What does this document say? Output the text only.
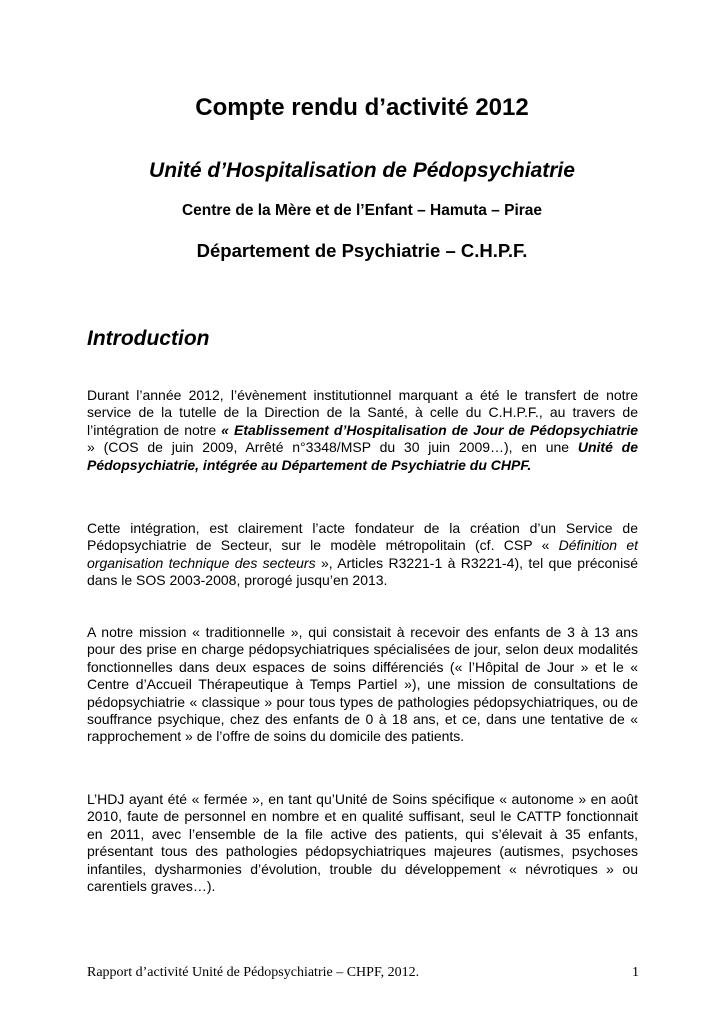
Compte rendu d’activité 2012
Unité d’Hospitalisation de Pédopsychiatrie

Centre de la Mère et de l’Enfant – Hamuta – Pirae

Département de Psychiatrie – C.H.P.F.

Introduction

Durant l’année 2012, l’évènement institutionnel marquant a été le transfert de notre service de la tutelle de la Direction de la Santé, à celle du C.H.P.F., au travers de l’intégration de notre « Etablissement d’Hospitalisation de Jour de Pédopsychiatrie » (COS de juin 2009, Arrêté n°3348/MSP du 30 juin 2009…), en une Unité de Pédopsychiatrie, intégrée au Département de Psychiatrie du CHPF.

Cette intégration, est clairement l’acte fondateur de la création d’un Service de Pédopsychiatrie de Secteur, sur le modèle métropolitain (cf. CSP « Définition et organisation technique des secteurs », Articles R3221-1 à R3221-4), tel que préconisé dans le SOS 2003-2008, prorogé jusqu’en 2013.

A notre mission « traditionnelle », qui consistait à recevoir des enfants de 3 à 13 ans pour des prise en charge pédopsychiatriques spécialisées de jour, selon deux modalités fonctionnelles dans deux espaces de soins différenciés (« l’Hôpital de Jour » et le « Centre d’Accueil Thérapeutique à Temps Partiel »), une mission de consultations de pédopsychiatrie « classique » pour tous types de pathologies pédopsychiatriques, ou de souffrance psychique, chez des enfants de 0 à 18 ans, et ce, dans une tentative de « rapprochement » de l’offre de soins du domicile des patients.

L’HDJ ayant été « fermée », en tant qu’Unité de Soins spécifique « autonome » en août 2010, faute de personnel en nombre et en qualité suffisant, seul le CATTP fonctionnait en 2011, avec l’ensemble de la file active des patients, qui s’élevait à 35 enfants, présentant tous des pathologies pédopsychiatriques majeures (autismes, psychoses infantiles, dysharmonies d’évolution, trouble du développement « névrotiques » ou carentiels graves…).

Rapport d’activité Unité de Pédopsychiatrie – CHPF, 2012.	1
